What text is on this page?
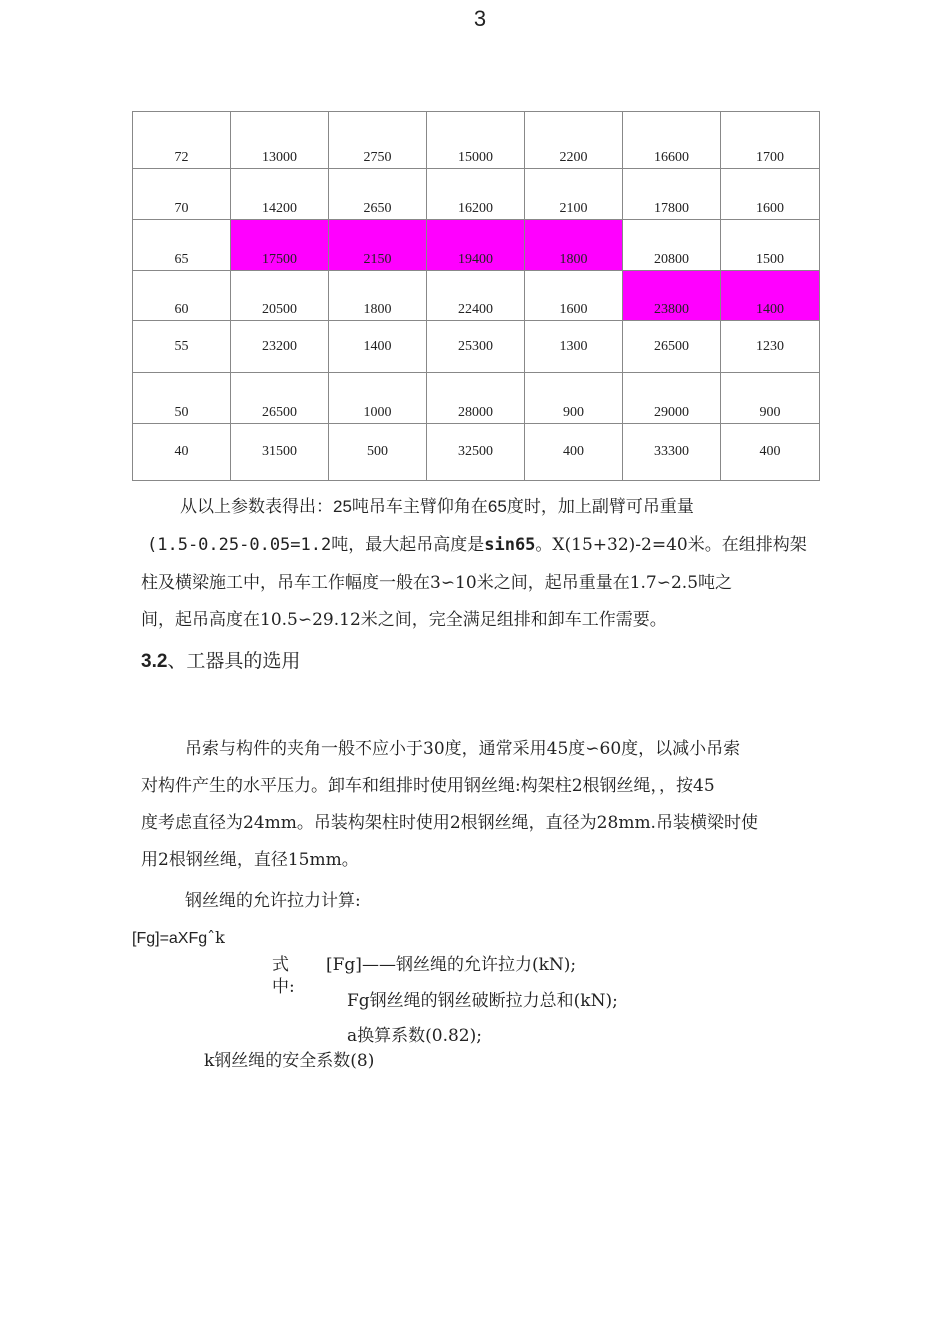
3
72	13000	2750	15000	2200	16600	1700
70	14200	2650	16200	2100	17800	1600
65	17500	2150	19400	1800	20800	1500
60	20500	1800	22400	1600	23800	1400
55	23200	1400	25300	1300	26500	1230
50	26500	1000	28000	900	29000	900
40	31500	500	32500	400	33300	400
从以上参数表得出：25吨吊车主臂仰角在65度时，加上副臂可吊重量
(1.5-0.25-0.05=1.2吨，最大起吊高度是sin65。X(15+32)-2=40米。在组排构架
柱及横梁施工中，吊车工作幅度一般在3∽10米之间，起吊重量在1.7∽2.5吨之
间，起吊高度在10.5∽29.12米之间，完全满足组排和卸车工作需要。
3.2、工器具的选用
吊索与构件的夹角一般不应小于30度，通常采用45度∽60度，以减小吊索
对构件产生的水平压力。卸车和组排时使用钢丝绳:构架柱2根钢丝绳，，按45
度考虑直径为24mm。吊装构架柱时使用2根钢丝绳，直径为28mm.吊装横梁时使
用2根钢丝绳，直径15mm。
钢丝绳的允许拉力计算:
[Fg]=aXFgˆk
式
中:
[Fg]——钢丝绳的允许拉力(kN);
Fg钢丝绳的钢丝破断拉力总和(kN);
a换算系数(0.82);
k钢丝绳的安全系数(8)
